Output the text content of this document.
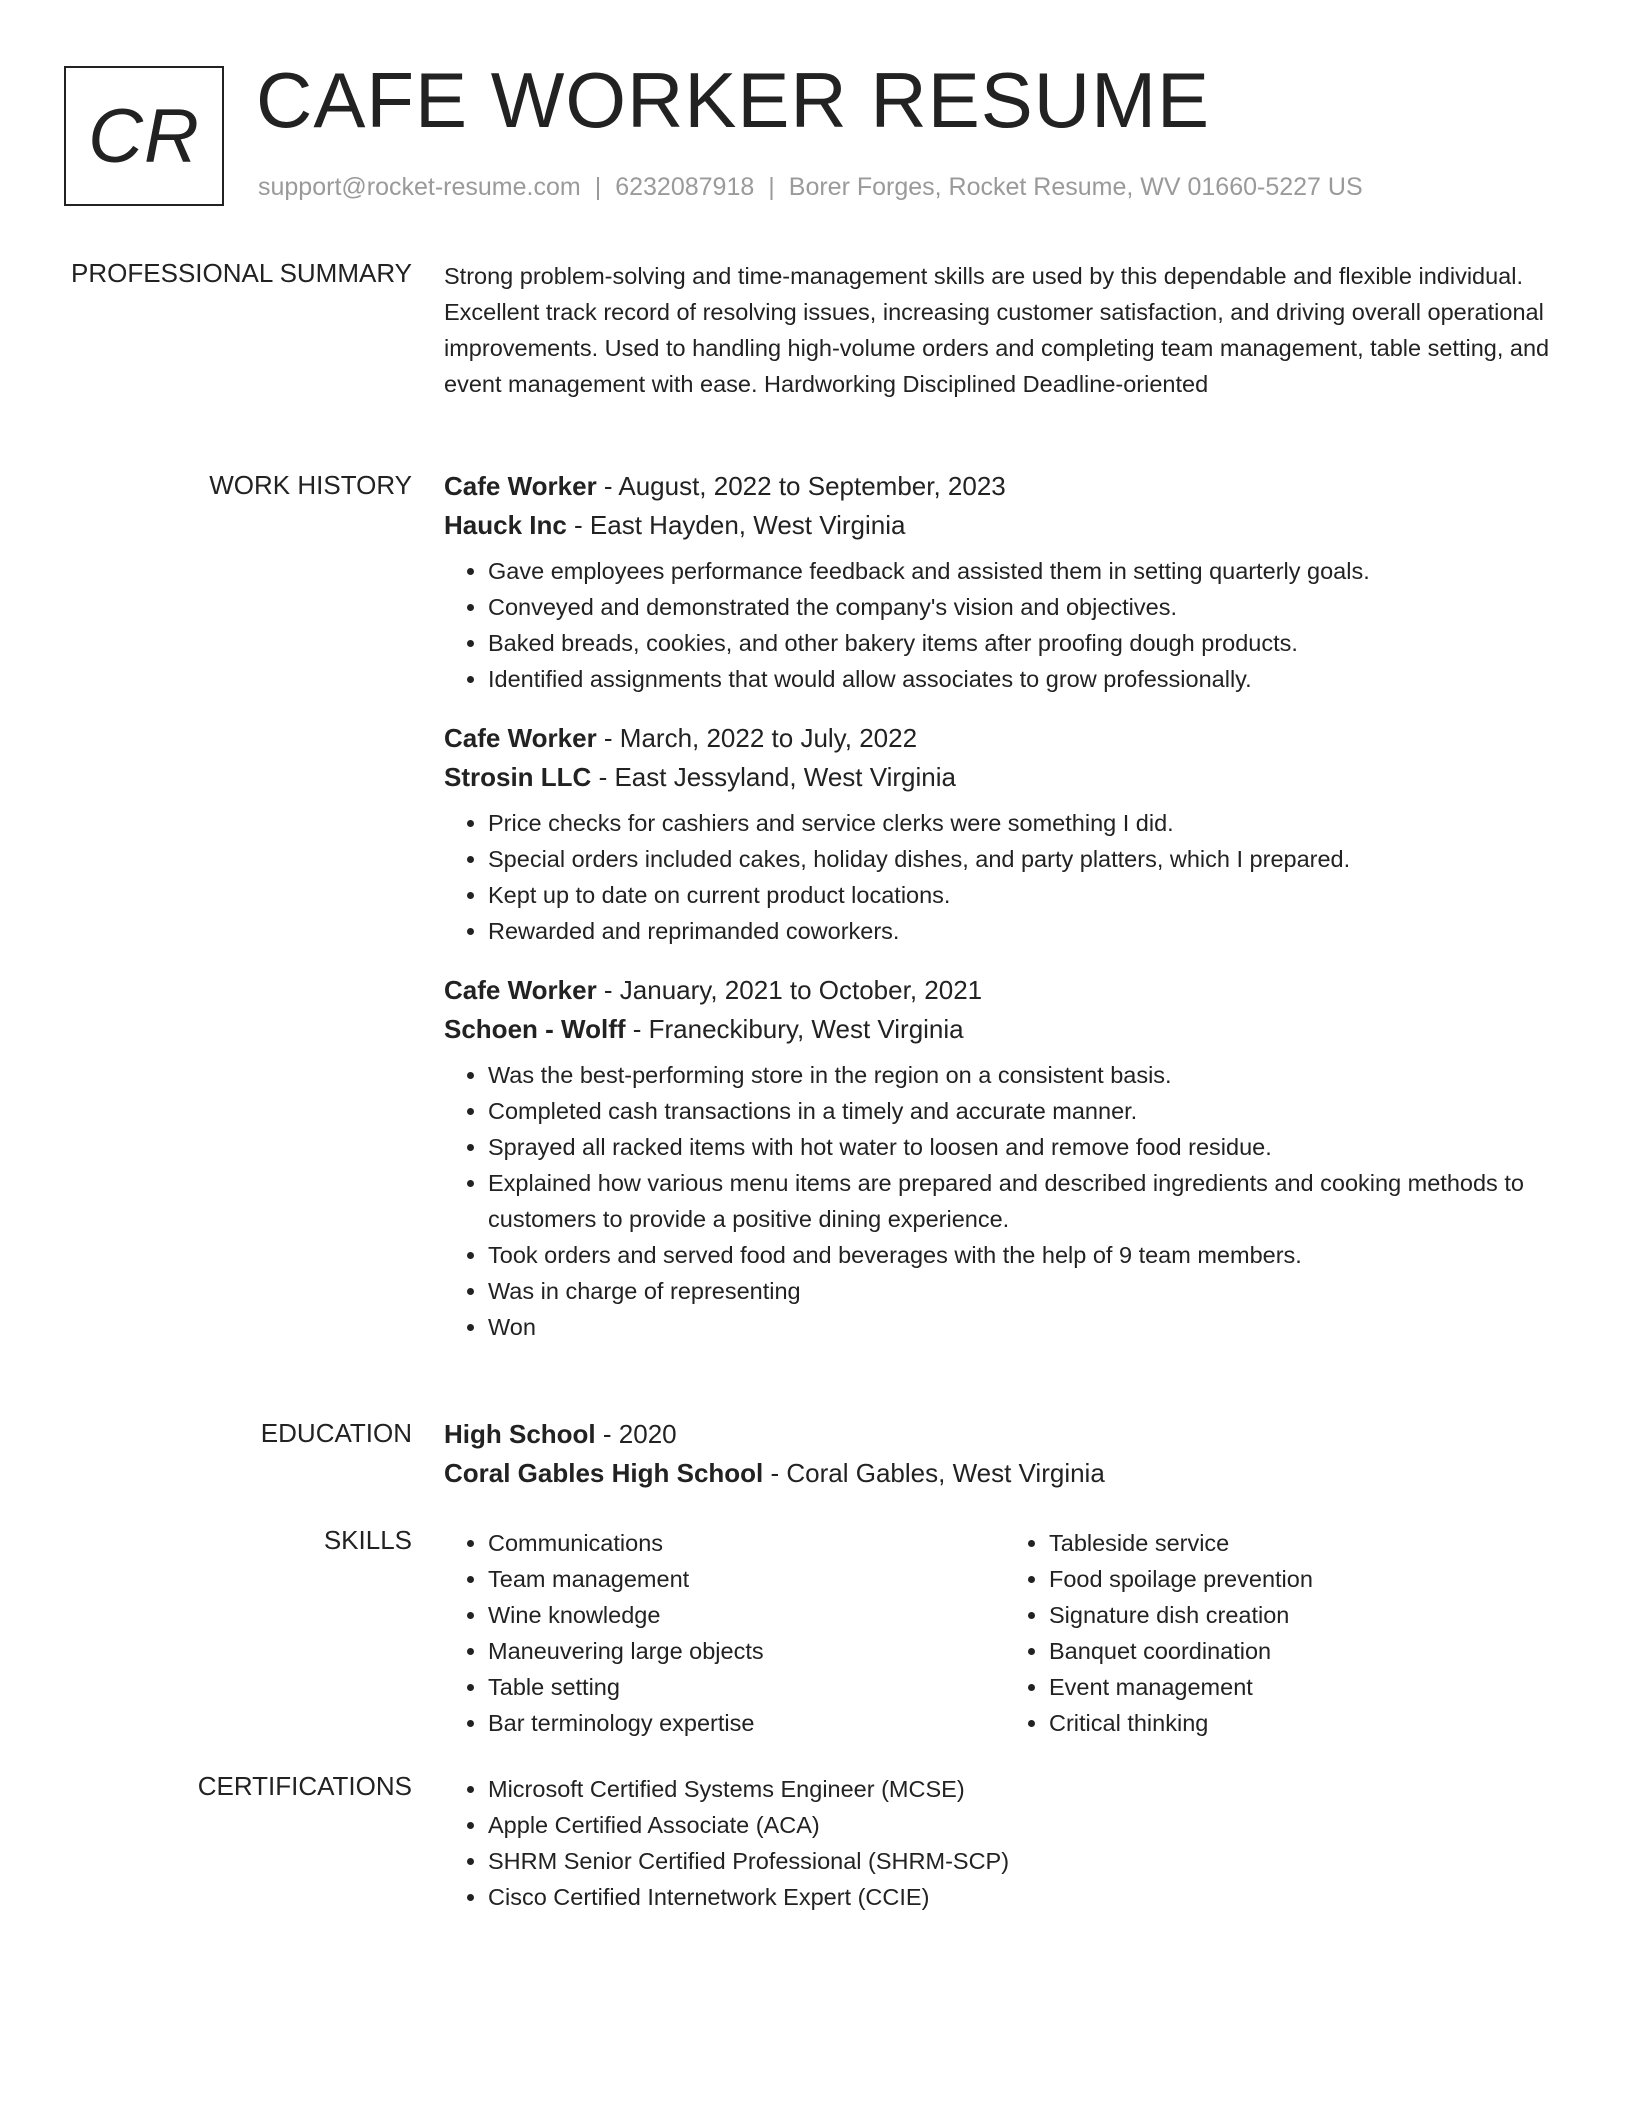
CR CAFE WORKER RESUME
support@rocket-resume.com | 6232087918 | Borer Forges, Rocket Resume, WV 01660-5227 US
PROFESSIONAL SUMMARY Strong problem-solving and time-management skills are used by this dependable and flexible individual. Excellent track record of resolving issues, increasing customer satisfaction, and driving overall operational improvements. Used to handling high-volume orders and completing team management, table setting, and event management with ease. Hardworking Disciplined Deadline-oriented

WORK HISTORY Cafe Worker - August, 2022 to September, 2023
Hauck Inc - East Hayden, West Virginia
• Gave employees performance feedback and assisted them in setting quarterly goals.
• Conveyed and demonstrated the company's vision and objectives.
• Baked breads, cookies, and other bakery items after proofing dough products.
• Identified assignments that would allow associates to grow professionally.
Cafe Worker - March, 2022 to July, 2022
Strosin LLC - East Jessyland, West Virginia
• Price checks for cashiers and service clerks were something I did.
• Special orders included cakes, holiday dishes, and party platters, which I prepared.
• Kept up to date on current product locations.
• Rewarded and reprimanded coworkers.
Cafe Worker - January, 2021 to October, 2021
Schoen - Wolff - Franeckibury, West Virginia
• Was the best-performing store in the region on a consistent basis.
• Completed cash transactions in a timely and accurate manner.
• Sprayed all racked items with hot water to loosen and remove food residue.
• Explained how various menu items are prepared and described ingredients and cooking methods to customers to provide a positive dining experience.
• Took orders and served food and beverages with the help of 9 team members.
• Was in charge of representing
• Won
EDUCATION High School - 2020
Coral Gables High School - Coral Gables, West Virginia
SKILLS	• Communications
• Team management
• Wine knowledge
• Maneuvering large objects
• Table setting
• Bar terminology expertise
• Tableside service
• Food spoilage prevention
• Signature dish creation
• Banquet coordination
• Event management
• Critical thinking
CERTIFICATIONS	• Microsoft Certified Systems Engineer (MCSE)
• Apple Certified Associate (ACA)
• SHRM Senior Certified Professional (SHRM-SCP)
• Cisco Certified Internetwork Expert (CCIE)
